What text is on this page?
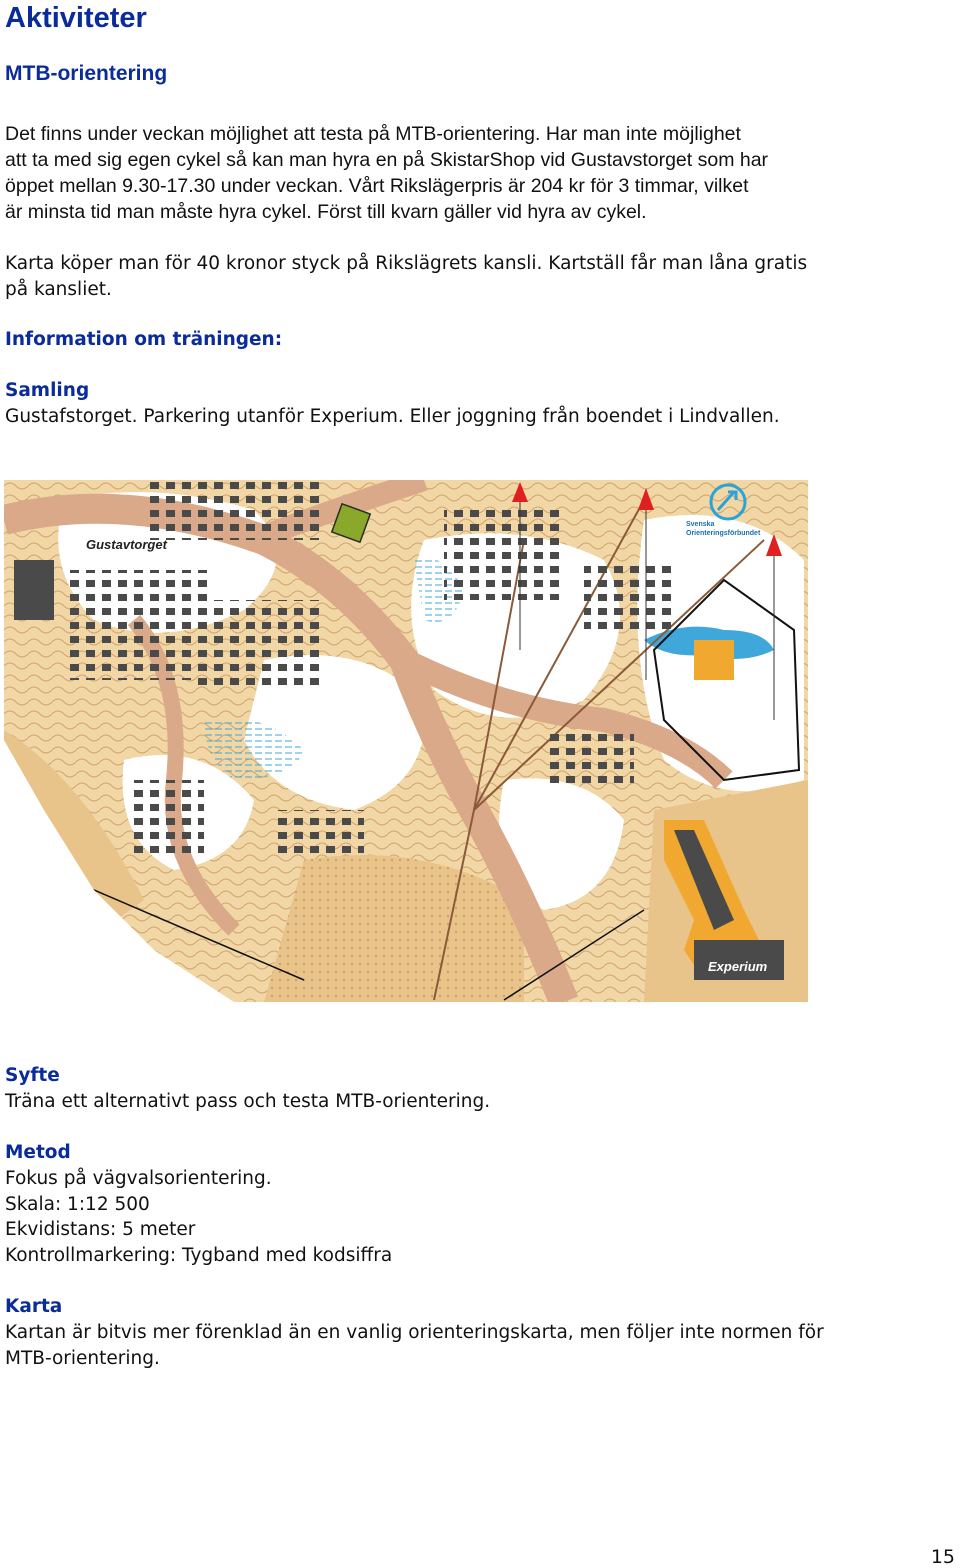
Aktiviteter
MTB-orientering
Det finns under veckan möjlighet att testa på MTB-orientering. Har man inte möjlighet
att ta med sig egen cykel så kan man hyra en på SkistarShop vid Gustavstorget som har
öppet mellan 9.30-17.30 under veckan. Vårt Rikslägerpris är 204 kr för 3 timmar, vilket
är minsta tid man måste hyra cykel. Först till kvarn gäller vid hyra av cykel.
Karta köper man för 40 kronor styck på Rikslägrets kansli. Kartställ får man låna gratis
på kansliet.
Information om träningen:
Samling
Gustafstorget. Parkering utanför Experium. Eller joggning från boendet i Lindvallen.
Svenska
Orienteringsförbundet
Gustavtorget
Experium
Syfte
Träna ett alternativt pass och testa MTB-orientering.
Metod
Fokus på vägvalsorientering.
Skala: 1:12 500
Ekvidistans: 5 meter
Kontrollmarkering: Tygband med kodsiffra
Karta
Kartan är bitvis mer förenklad än en vanlig orienteringskarta, men följer inte normen för
MTB-orientering.
15
